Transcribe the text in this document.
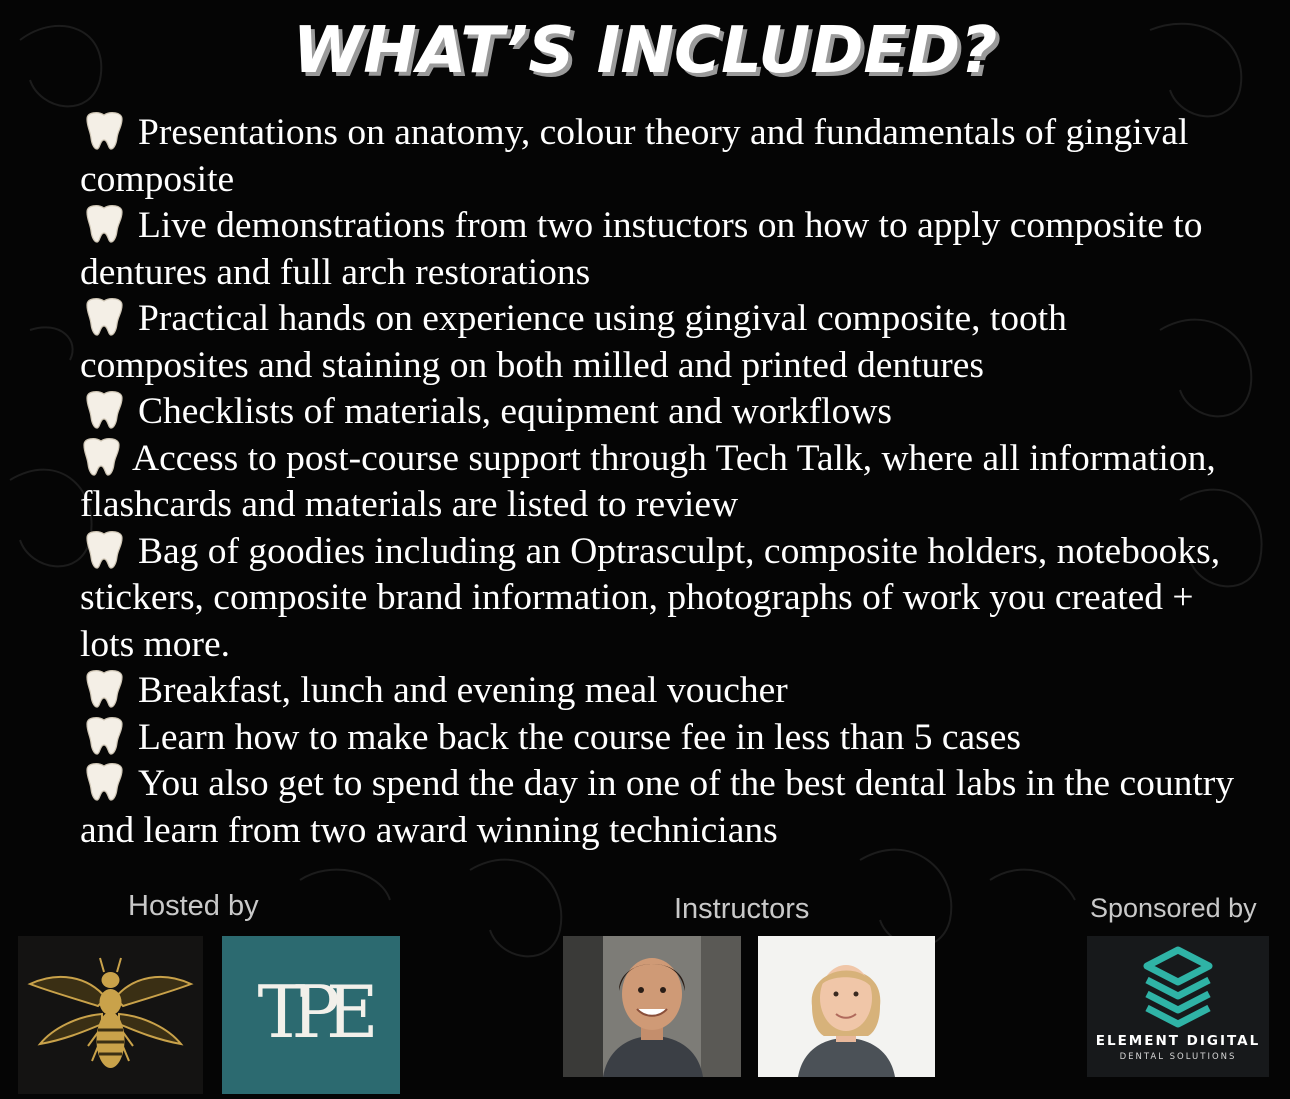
WHAT’S INCLUDED?
Presentations on anatomy, colour theory and fundamentals of gingival composite
Live demonstrations from two instuctors on how to apply composite to dentures and full arch restorations
Practical hands on experience using gingival composite, tooth composites and staining on both milled and printed dentures
Checklists of materials, equipment and workflows
Access to post-course support through Tech Talk, where all information, flashcards and materials are listed to review
Bag of goodies including an Optrasculpt, composite holders, notebooks, stickers, composite brand information, photographs of work you created + lots more.
Breakfast, lunch and evening meal voucher
Learn how to make back the course fee in less than 5 cases
You also get to spend the day in one of the best dental labs in the country and learn from two award winning technicians
Hosted by	Instructors	Sponsored by
TPE	ELEMENT DIGITAL
DENTAL SOLUTIONS
